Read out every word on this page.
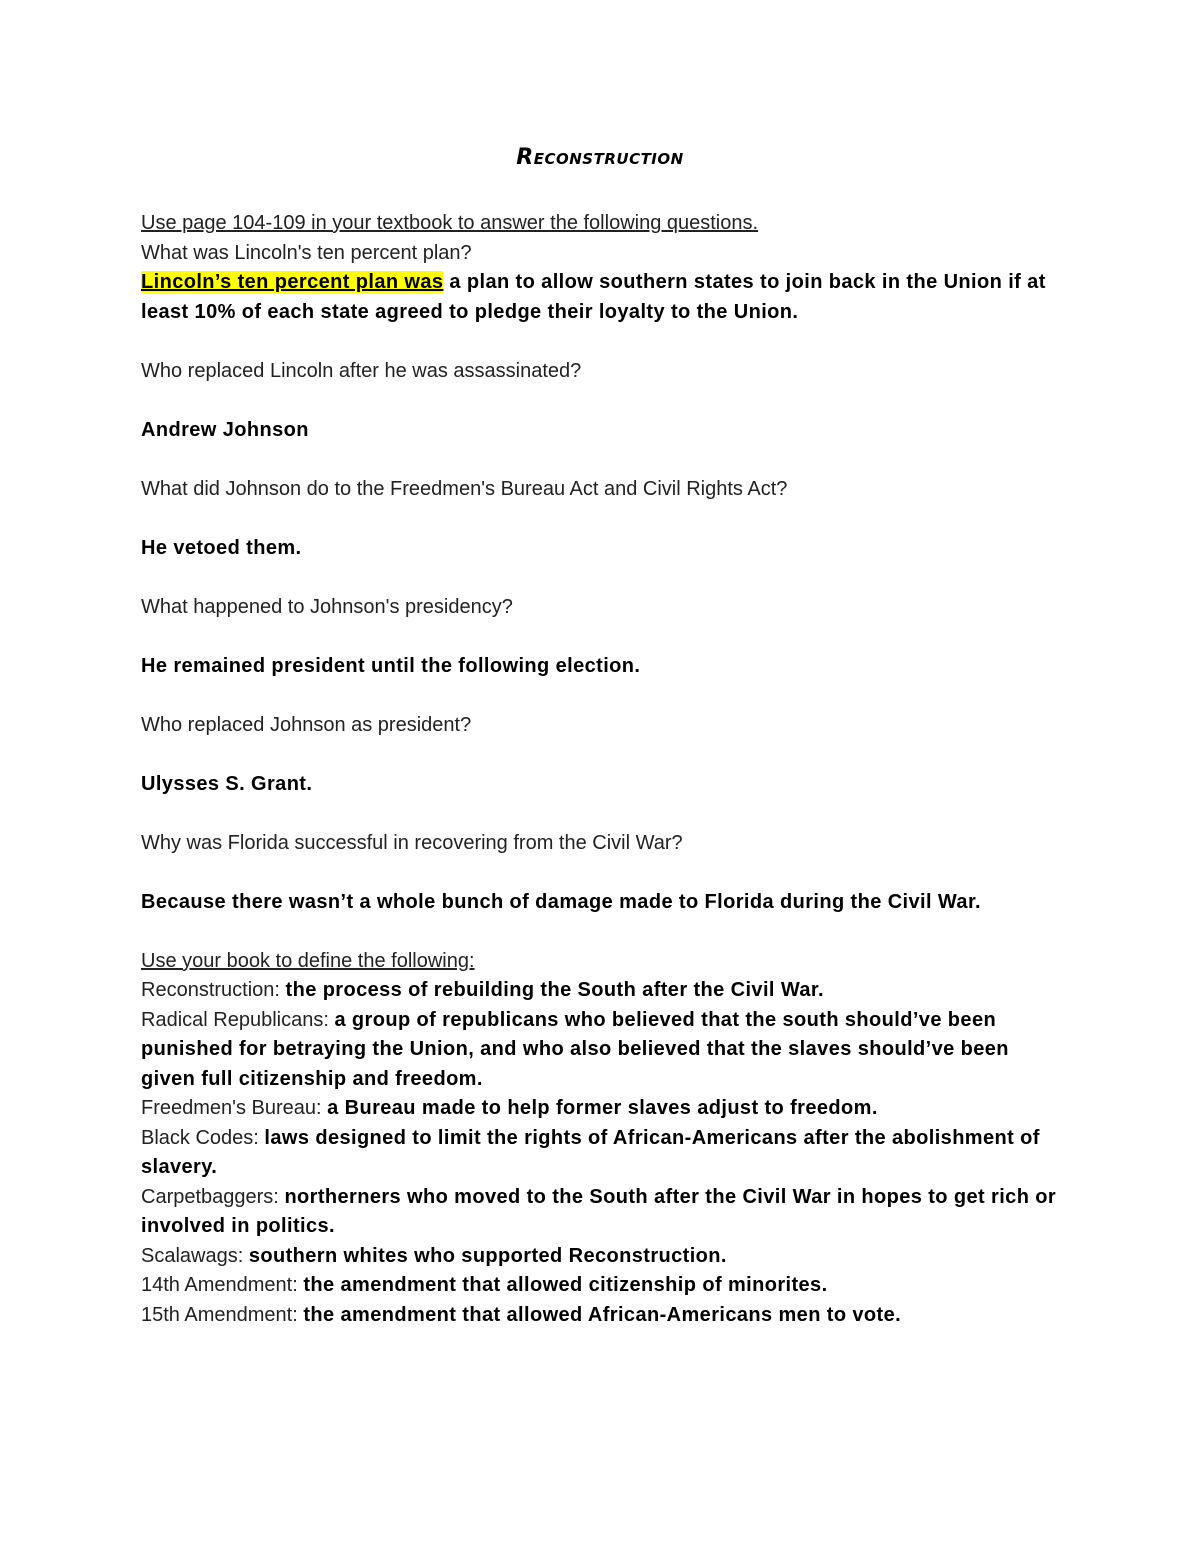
Reconstruction

Use page 104-109 in your textbook to answer the following questions.

What was Lincoln's ten percent plan?

Lincoln’s ten percent plan was a plan to allow southern states to join back in the Union if at least 10% of each state agreed to pledge their loyalty to the Union.

Who replaced Lincoln after he was assassinated?

Andrew Johnson

What did Johnson do to the Freedmen's Bureau Act and Civil Rights Act?

He vetoed them.

What happened to Johnson's presidency?

He remained president until the following election.

Who replaced Johnson as president?

Ulysses S. Grant.

Why was Florida successful in recovering from the Civil War?

Because there wasn’t a whole bunch of damage made to Florida during the Civil War.

Use your book to define the following:

Reconstruction: the process of rebuilding the South after the Civil War.

Radical Republicans: a group of republicans who believed that the south should’ve been punished for betraying the Union, and who also believed that the slaves should’ve been given full citizenship and freedom.

Freedmen's Bureau: a Bureau made to help former slaves adjust to freedom.

Black Codes: laws designed to limit the rights of African-Americans after the abolishment of slavery.

Carpetbaggers: northerners who moved to the South after the Civil War in hopes to get rich or involved in politics.

Scalawags: southern whites who supported Reconstruction.

14th Amendment: the amendment that allowed citizenship of minorites.

15th Amendment: the amendment that allowed African-Americans men to vote.
